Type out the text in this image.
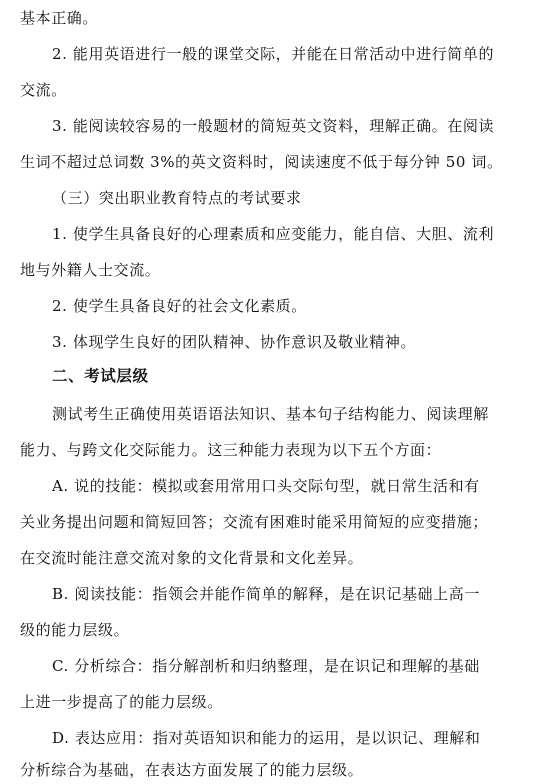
基本正确。
2. 能用英语进行一般的课堂交际，并能在日常活动中进行简单的
交流。
3. 能阅读较容易的一般题材的简短英文资料，理解正确。在阅读
生词不超过总词数 3%的英文资料时，阅读速度不低于每分钟 50 词。
（三）突出职业教育特点的考试要求
1. 使学生具备良好的心理素质和应变能力，能自信、大胆、流利
地与外籍人士交流。
2. 使学生具备良好的社会文化素质。
3. 体现学生良好的团队精神、协作意识及敬业精神。
二、考试层级
测试考生正确使用英语语法知识、基本句子结构能力、阅读理解
能力、与跨文化交际能力。这三种能力表现为以下五个方面：
A. 说的技能：模拟或套用常用口头交际句型，就日常生活和有
关业务提出问题和简短回答；交流有困难时能采用简短的应变措施；
在交流时能注意交流对象的文化背景和文化差异。
B. 阅读技能：指领会并能作简单的解释，是在识记基础上高一
级的能力层级。
C. 分析综合：指分解剖析和归纳整理，是在识记和理解的基础
上进一步提高了的能力层级。
D. 表达应用：指对英语知识和能力的运用，是以识记、理解和
分析综合为基础，在表达方面发展了的能力层级。
